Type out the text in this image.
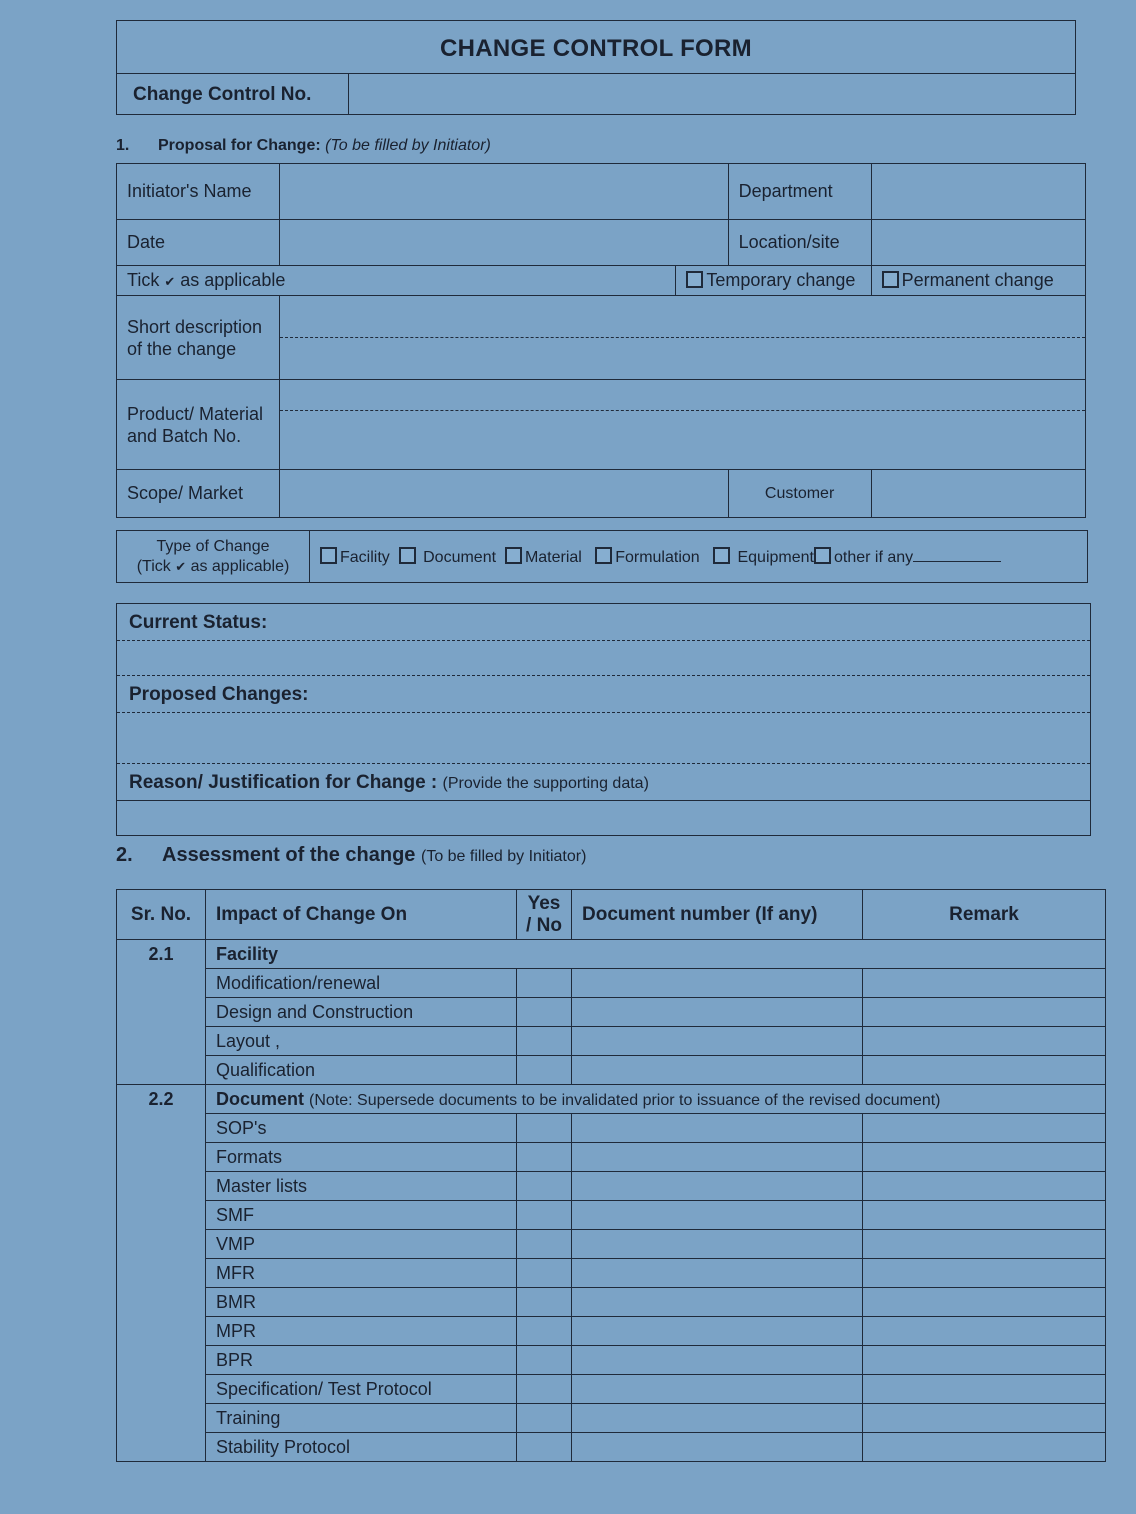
CHANGE CONTROL FORM
Change Control No.
1. Proposal for Change: (To be filled by Initiator)
Initiator's Name			Department	
Date			Location/site	
Tick ✔ as applicable		Temporary change		Permanent change
Short description of the change				

Product/ Material and Batch No.				

Scope/ Market			Customer	
Type of Change
(Tick ✔ as applicable)
	Facility Document Material Formulation Equipment other if any
Current Status:
Proposed Changes:
Reason/ Justification for Change : (Provide the supporting data)
2. Assessment of the change (To be filled by Initiator)
Sr. No.	Impact of Change On	Yes / No	Document number (If any)	Remark
2.1	Facility			
	Modification/renewal			
	Design and Construction			
	Layout ,			
	Qualification			
2.2	Document (Note: Supersede documents to be invalidated prior to issuance of the revised document)			
	SOP's			
	Formats			
	Master lists			
	SMF			
	VMP			
	MFR			
	BMR			
	MPR			
	BPR			
	Specification/ Test Protocol			
	Training			
	Stability Protocol			
